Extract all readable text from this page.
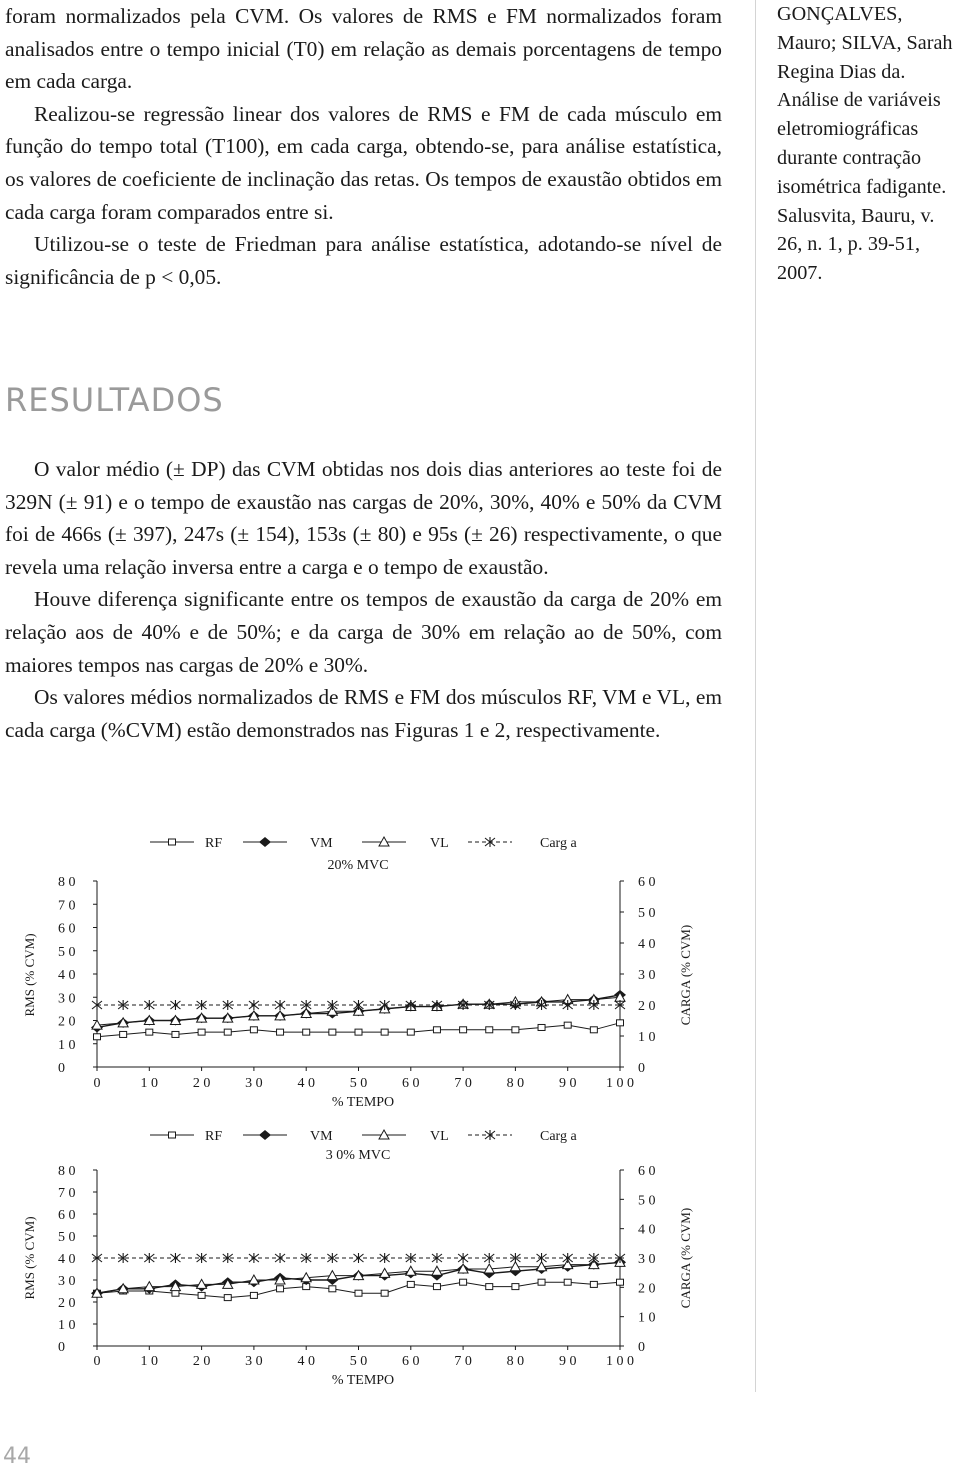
foram normalizados pela CVM. Os valores de RMS e FM normalizados foram analisados entre o tempo inicial (T0) em relação as demais porcentagens de tempo em cada carga.

Realizou-se regressão linear dos valores de RMS e FM de cada músculo em função do tempo total (T100), em cada carga, obtendo-se, para análise estatística, os valores de coeficiente de inclinação das retas. Os tempos de exaustão obtidos em cada carga foram comparados entre si.

Utilizou-se o teste de Friedman para análise estatística, adotando-se nível de significância de p < 0,05.

GONÇALVES, Mauro; SILVA, Sarah Regina Dias da.

Análise de variáveis eletromiográficas durante contração isométrica fadigante.

Salusvita, Bauru, v. 26, n. 1, p. 39-51, 2007.

RESULTADOS

O valor médio (± DP) das CVM obtidas nos dois dias anteriores ao teste foi de 329N (± 91) e o tempo de exaustão nas cargas de 20%, 30%, 40% e 50% da CVM foi de 466s (± 397), 247s (± 154), 153s (± 80) e 95s (± 26) respectivamente, o que revela uma relação inversa entre a carga e o tempo de exaustão.

Houve diferença significante entre os tempos de exaustão da carga de 20% em relação aos de 40% e de 50%; e da carga de 30% em relação ao de 50%, com maiores tempos nas cargas de 20% e 30%.

Os valores médios normalizados de RMS e FM dos músculos RF, VM e VL, em cada carga (%CVM) estão demonstrados nas Figuras 1 e 2, respectivamente.

0	1 0 2 0 3 0 4 0 5 0 6 0 7 0 8 0 9 0 1 0 0
0
1 0
2 0
3 0
4 0
5 0
6 0
7 0
8 0
0
1 0
2 0
3 0
4 0
5 0
6 0
% TEMPO
RMS (% CVM)	CARGA (% CVM)
20% MVC
RF	VM	VL	Carg a
0	1 0 2 0 3 0 4 0 5 0 6 0 7 0 8 0 9 0 1 0 0
0
1 0
2 0
3 0
4 0
5 0
6 0
7 0
8 0
0
1 0
2 0
3 0
4 0
5 0
6 0
% TEMPO
RMS (% CVM)	CARGA (% CVM)
3 0% MVC
RF	VM	VL	Carg a

44
